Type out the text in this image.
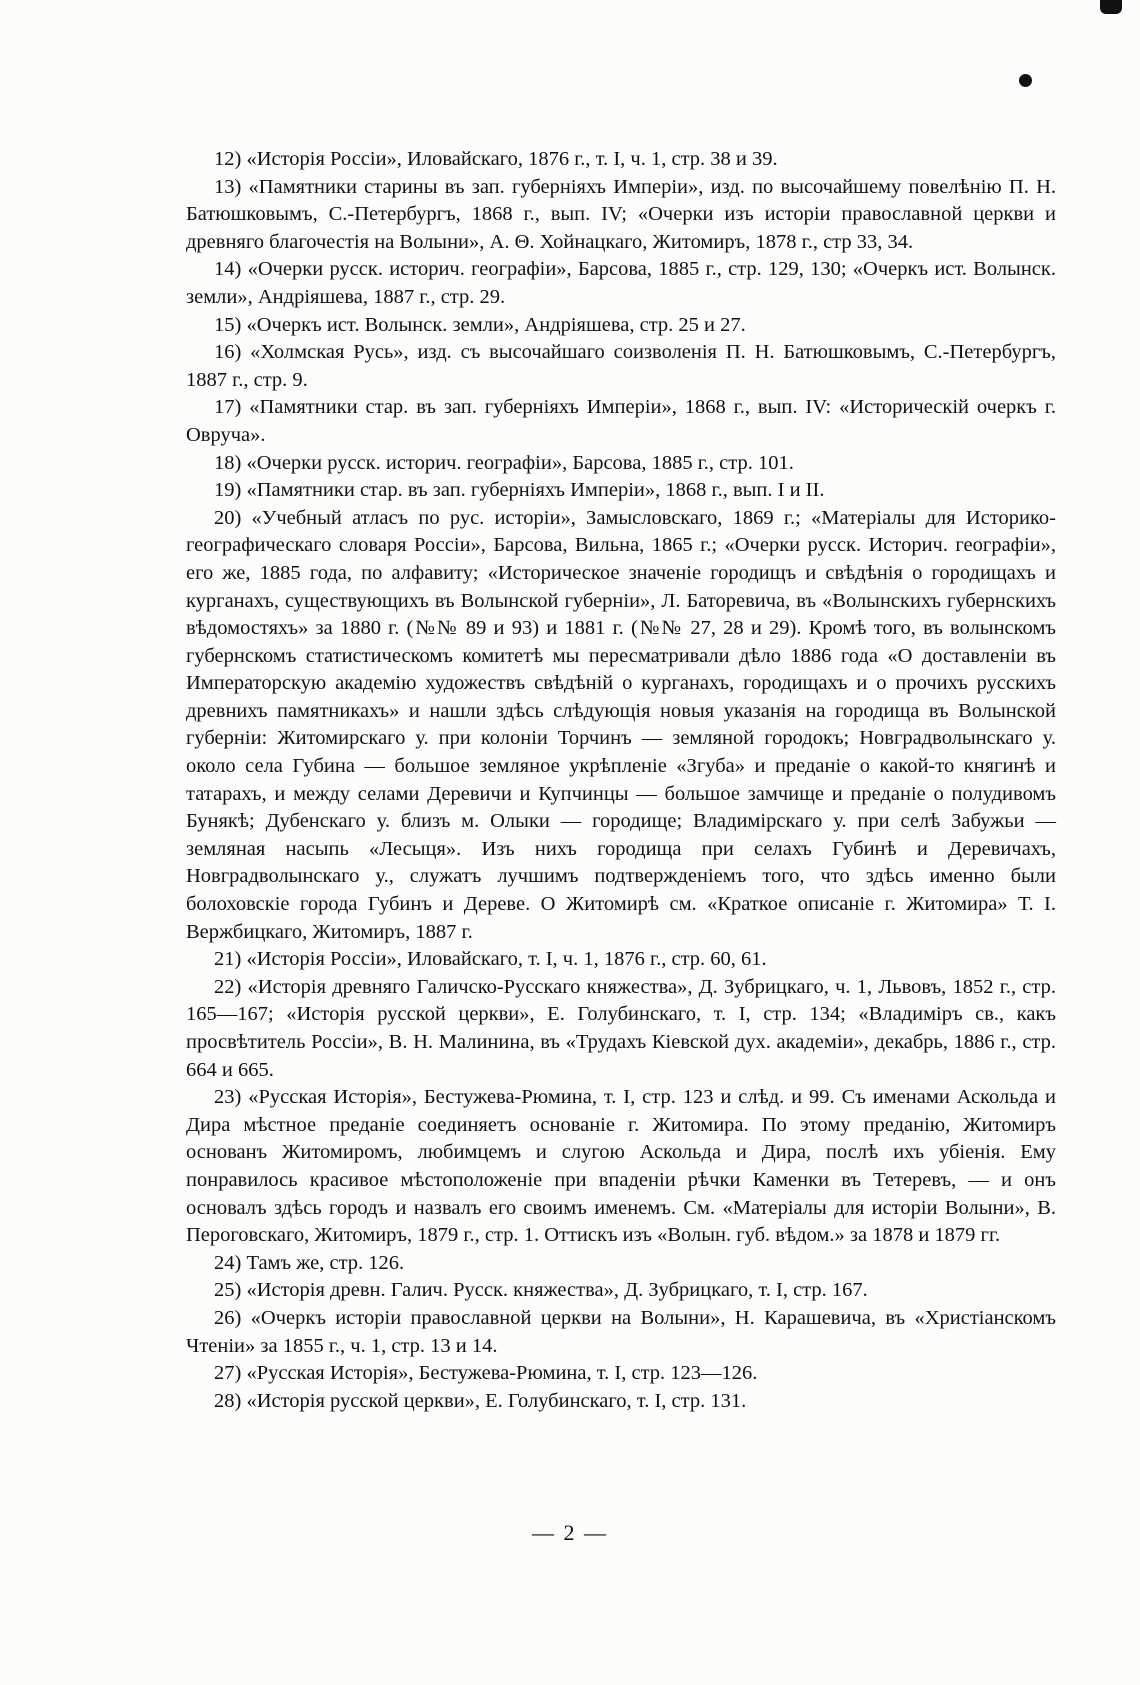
12) «Исторія Россіи», Иловайскаго, 1876 г., т. I, ч. 1, стр. 38 и 39.

13) «Памятники старины въ зап. губерніяхъ Имперіи», изд. по высочайшему повелѣнію П. Н. Батюшковымъ, С.-Петербургъ, 1868 г., вып. IV; «Очерки изъ исторіи православной церкви и древняго благочестія на Волыни», А. Θ. Хойнацкаго, Житомиръ, 1878 г., стр 33, 34.

14) «Очерки русск. историч. географіи», Барсова, 1885 г., стр. 129, 130; «Очеркъ ист. Волынск. земли», Андріяшева, 1887 г., стр. 29.

15) «Очеркъ ист. Волынск. земли», Андріяшева, стр. 25 и 27.

16) «Холмская Русь», изд. съ высочайшаго соизволенія П. Н. Батюшковымъ, С.-Петербургъ, 1887 г., стр. 9.

17) «Памятники стар. въ зап. губерніяхъ Имперіи», 1868 г., вып. IV: «Историческій очеркъ г. Овруча».

18) «Очерки русск. историч. географіи», Барсова, 1885 г., стр. 101.

19) «Памятники стар. въ зап. губерніяхъ Имперіи», 1868 г., вып. I и II.

20) «Учебный атласъ по рус. исторіи», Замысловскаго, 1869 г.; «Матеріалы для Историко-географическаго словаря Россіи», Барсова, Вильна, 1865 г.; «Очерки русск. Историч. географіи», его же, 1885 года, по алфавиту; «Историческое значеніе городищъ и свѣдѣнія о городищахъ и курганахъ, существующихъ въ Волынской губерніи», Л. Баторевича, въ «Волынскихъ губернскихъ вѣдомостяхъ» за 1880 г. (№№ 89 и 93) и 1881 г. (№№ 27, 28 и 29). Кромѣ того, въ волынскомъ губернскомъ статистическомъ комитетѣ мы пересматривали дѣло 1886 года «О доставленіи въ Императорскую академію художествъ свѣдѣній о курганахъ, городищахъ и о прочихъ русскихъ древнихъ памятникахъ» и нашли здѣсь слѣдующія новыя указанія на городища въ Волынской губерніи: Житомирскаго у. при колоніи Торчинъ — земляной городокъ; Новградволынскаго у. около села Губина — большое земляное укрѣпленіе «Згуба» и преданіе о какой-то княгинѣ и татарахъ, и между селами Деревичи и Купчинцы — большое замчище и преданіе о полудивомъ Бунякѣ; Дубенскаго у. близъ м. Олыки — городище; Владимірскаго у. при селѣ Забужьи — земляная насыпь «Лесыця». Изъ нихъ городища при селахъ Губинѣ и Деревичахъ, Новградволынскаго у., служатъ лучшимъ подтвержденіемъ того, что здѣсь именно были болоховскіе города Губинъ и Дереве. О Житомирѣ см. «Краткое описаніе г. Житомира» Т. І. Вержбицкаго, Житомиръ, 1887 г.

21) «Исторія Россіи», Иловайскаго, т. I, ч. 1, 1876 г., стр. 60, 61.

22) «Исторія древняго Галичско-Русскаго княжества», Д. Зубрицкаго, ч. 1, Львовъ, 1852 г., стр. 165—167; «Исторія русской церкви», Е. Голубинскаго, т. I, стр. 134; «Владиміръ св., какъ просвѣтитель Россіи», В. Н. Малинина, въ «Трудахъ Кіевской дух. академіи», декабрь, 1886 г., стр. 664 и 665.

23) «Русская Исторія», Бестужева-Рюмина, т. I, стр. 123 и слѣд. и 99. Съ именами Аскольда и Дира мѣстное преданіе соединяетъ основаніе г. Житомира. По этому преданію, Житомиръ основанъ Житомиромъ, любимцемъ и слугою Аскольда и Дира, послѣ ихъ убіенія. Ему понравилось красивое мѣстоположеніе при впаденіи рѣчки Каменки въ Тетеревъ, — и онъ основалъ здѣсь городъ и назвалъ его своимъ именемъ. См. «Матеріалы для исторіи Волыни», В. Пероговскаго, Житомиръ, 1879 г., стр. 1. Оттискъ изъ «Волын. губ. вѣдом.» за 1878 и 1879 гг.

24) Тамъ же, стр. 126.

25) «Исторія древн. Галич. Русск. княжества», Д. Зубрицкаго, т. I, стр. 167.

26) «Очеркъ исторіи православной церкви на Волыни», Н. Карашевича, въ «Христіанскомъ Чтеніи» за 1855 г., ч. 1, стр. 13 и 14.

27) «Русская Исторія», Бестужева-Рюмина, т. I, стр. 123—126.

28) «Исторія русской церкви», Е. Голубинскаго, т. I, стр. 131.

— 2 —
